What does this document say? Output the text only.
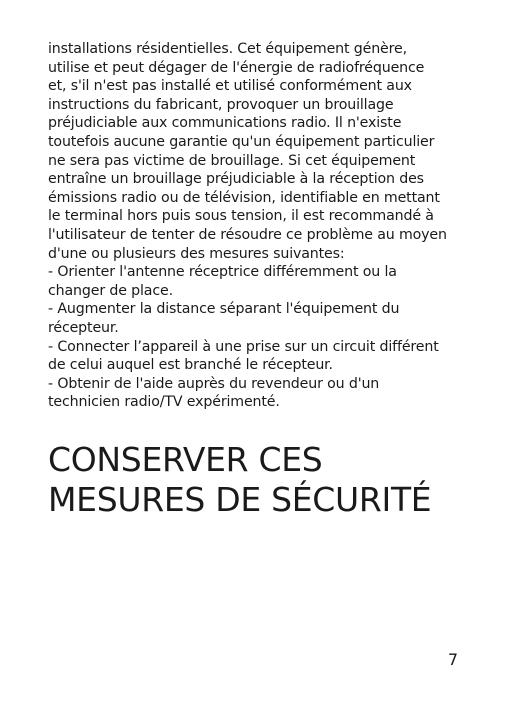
installations résidentielles. Cet équipement génère,
utilise et peut dégager de l'énergie de radiofréquence
et, s'il n'est pas installé et utilisé conformément aux
instructions du fabricant, provoquer un brouillage
préjudiciable aux communications radio. Il n'existe
toutefois aucune garantie qu'un équipement particulier
ne sera pas victime de brouillage. Si cet équipement
entraîne un brouillage préjudiciable à la réception des
émissions radio ou de télévision, identifiable en mettant
le terminal hors puis sous tension, il est recommandé à
l'utilisateur de tenter de résoudre ce problème au moyen
d'une ou plusieurs des mesures suivantes:
- Orienter l'antenne réceptrice différemment ou la
changer de place.
- Augmenter la distance séparant l'équipement du
récepteur.
- Connecter l’appareil à une prise sur un circuit différent
de celui auquel est branché le récepteur.
- Obtenir de l'aide auprès du revendeur ou d'un
technicien radio/TV expérimenté.

CONSERVER CES
MESURES DE SÉCURITÉ
7
